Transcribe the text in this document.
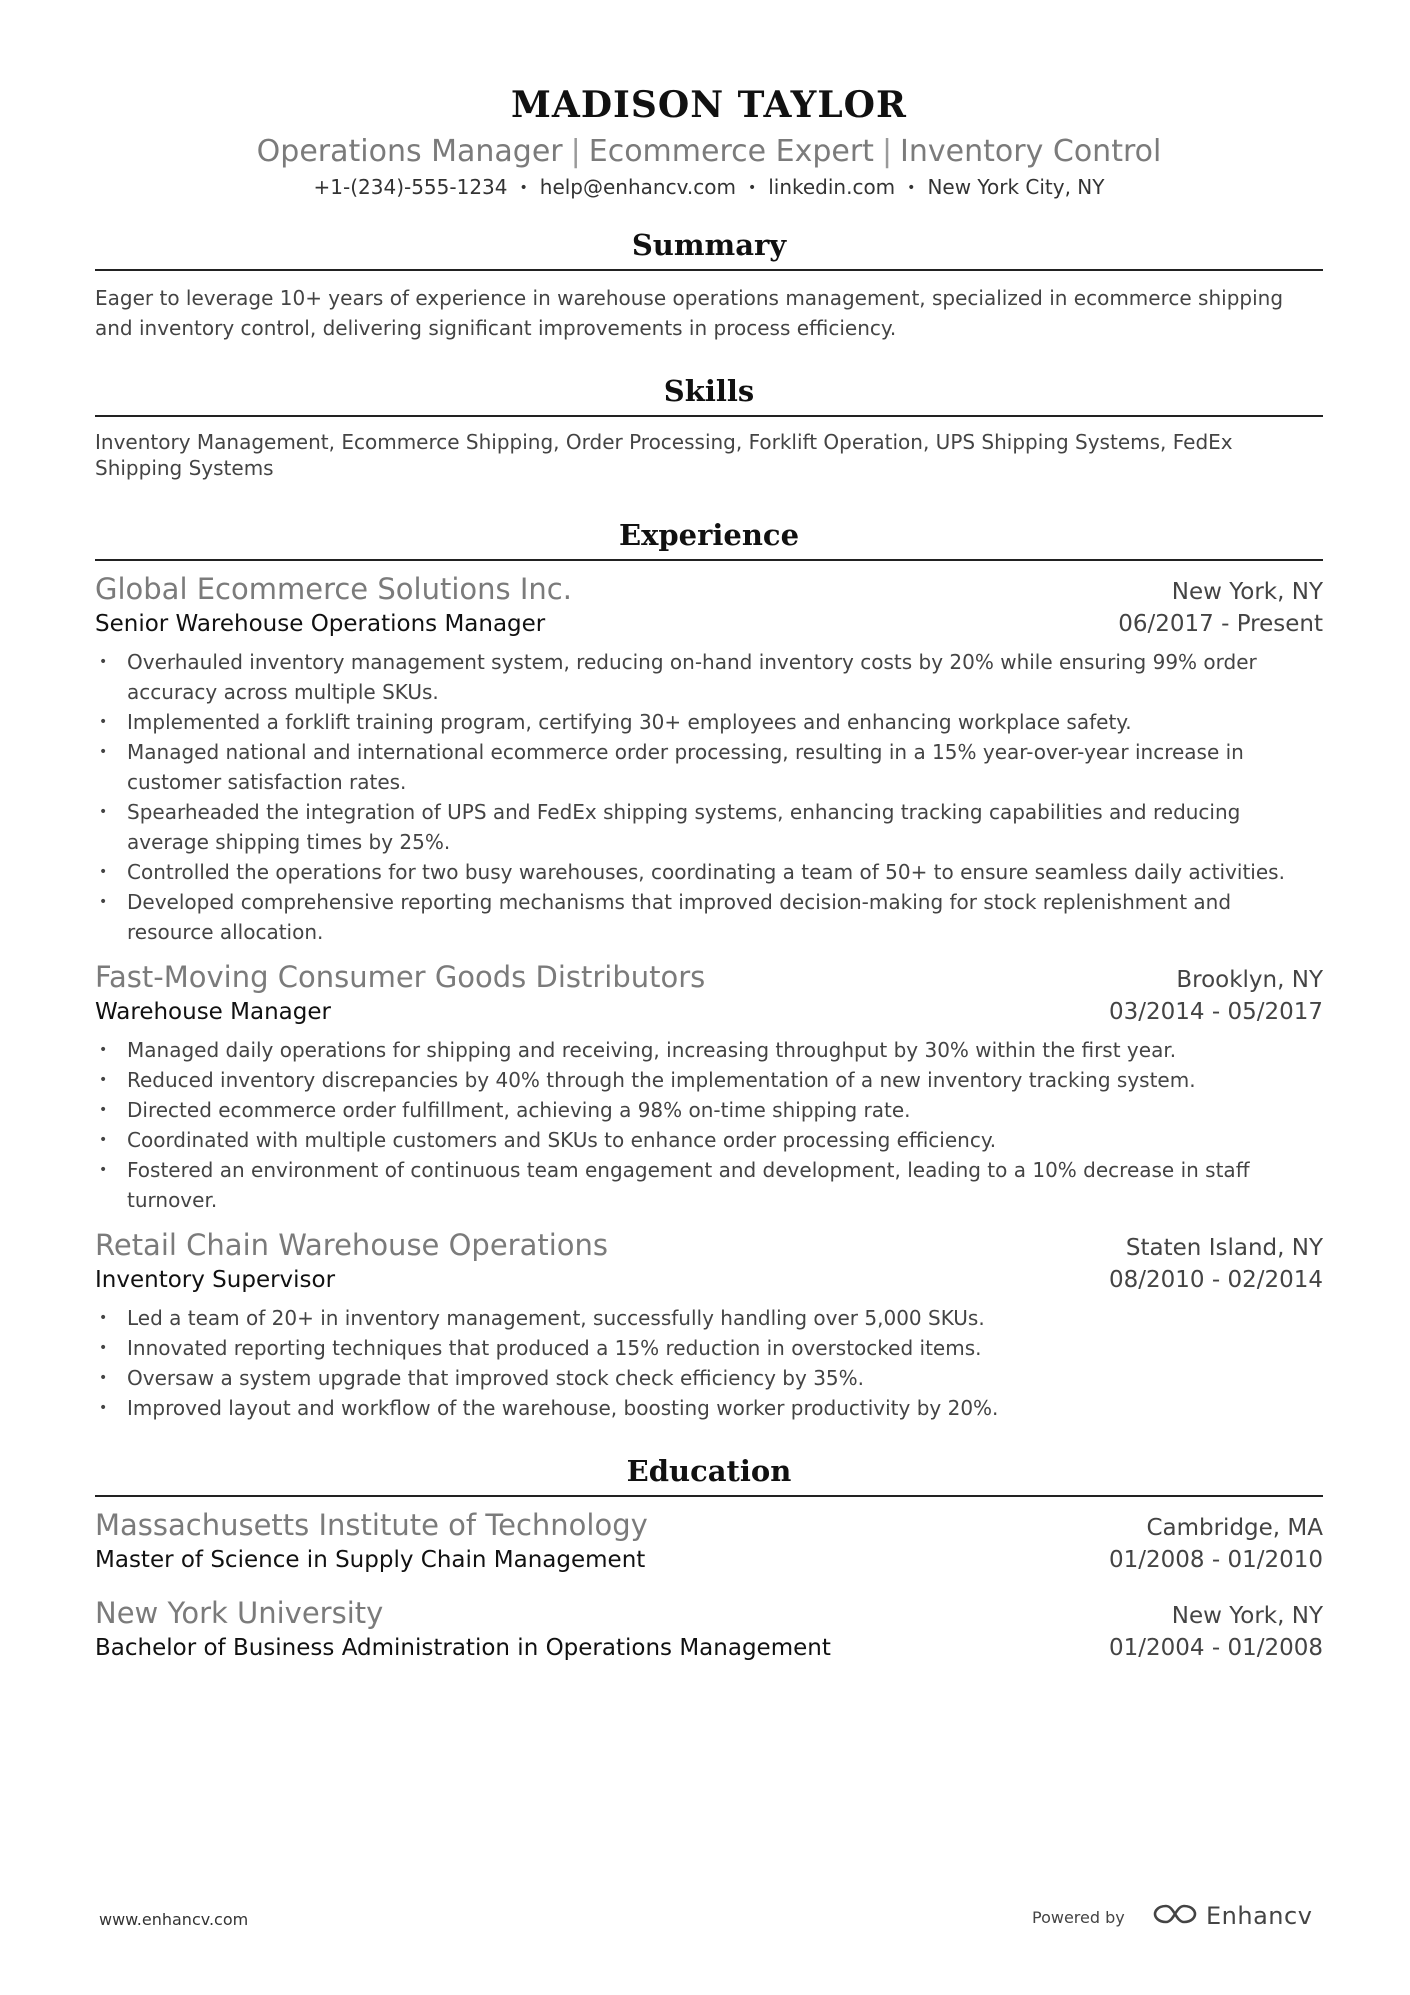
MADISON TAYLOR
Operations Manager | Ecommerce Expert | Inventory Control
+1-(234)-555-1234 • help@enhancv.com • linkedin.com • New York City, NY
Summary

Eager to leverage 10+ years of experience in warehouse operations management, specialized in ecommerce shipping and inventory control, delivering significant improvements in process efficiency.

Skills

Inventory Management, Ecommerce Shipping, Order Processing, Forklift Operation, UPS Shipping Systems, FedEx Shipping Systems

Experience
Global Ecommerce Solutions Inc.	New York, NY
Senior Warehouse Operations Manager	06/2017 - Present
• Overhauled inventory management system, reducing on-hand inventory costs by 20% while ensuring 99% order accuracy across multiple SKUs.
• Implemented a forklift training program, certifying 30+ employees and enhancing workplace safety.
• Managed national and international ecommerce order processing, resulting in a 15% year-over-year increase in customer satisfaction rates.
• Spearheaded the integration of UPS and FedEx shipping systems, enhancing tracking capabilities and reducing average shipping times by 25%.
• Controlled the operations for two busy warehouses, coordinating a team of 50+ to ensure seamless daily activities.
• Developed comprehensive reporting mechanisms that improved decision-making for stock replenishment and resource allocation.
Fast-Moving Consumer Goods Distributors	Brooklyn, NY
Warehouse Manager	03/2014 - 05/2017
• Managed daily operations for shipping and receiving, increasing throughput by 30% within the first year.
• Reduced inventory discrepancies by 40% through the implementation of a new inventory tracking system.
• Directed ecommerce order fulfillment, achieving a 98% on-time shipping rate.
• Coordinated with multiple customers and SKUs to enhance order processing efficiency.
• Fostered an environment of continuous team engagement and development, leading to a 10% decrease in staff turnover.
Retail Chain Warehouse Operations	Staten Island, NY
Inventory Supervisor	08/2010 - 02/2014
• Led a team of 20+ in inventory management, successfully handling over 5,000 SKUs.
• Innovated reporting techniques that produced a 15% reduction in overstocked items.
• Oversaw a system upgrade that improved stock check efficiency by 35%.
• Improved layout and workflow of the warehouse, boosting worker productivity by 20%.
Education
Massachusetts Institute of Technology	Cambridge, MA
Master of Science in Supply Chain Management	01/2008 - 01/2010
New York University	New York, NY
Bachelor of Business Administration in Operations Management	01/2004 - 01/2008
www.enhancv.com	Powered by	Enhancv
